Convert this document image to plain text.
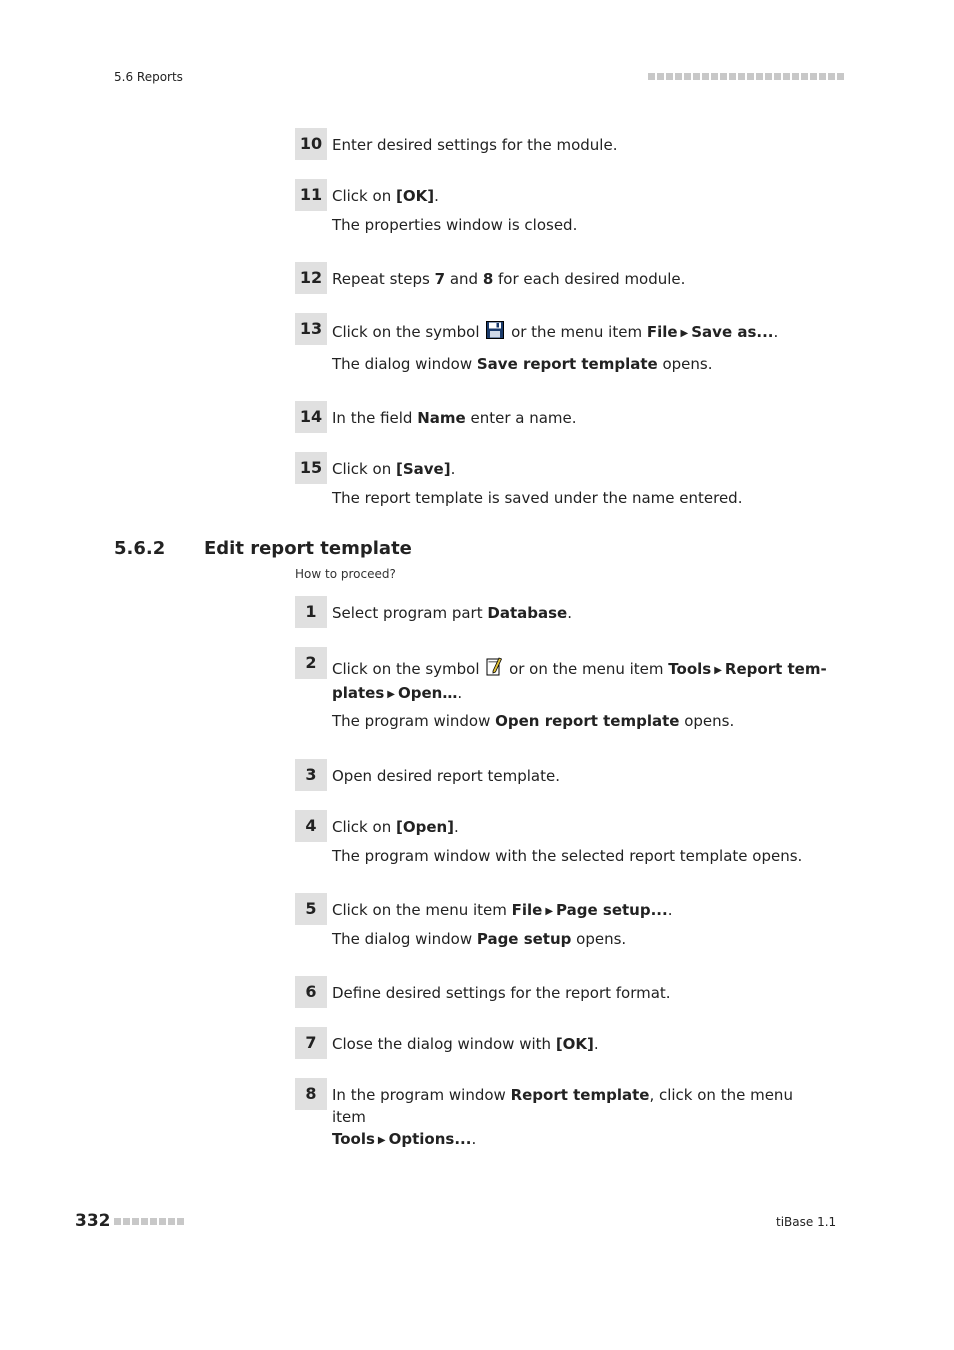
5.6 Reports
10 Enter desired settings for the module.
11 Click on [OK].
The properties window is closed.
12 Repeat steps 7 and 8 for each desired module.
13 Click on the symbol  or the menu item File ▶ Save as....
The dialog window Save report template opens.
14 In the field Name enter a name.
15 Click on [Save].
The report template is saved under the name entered.
5.6.2 Edit report template
How to proceed?
1	Select program part Database.
2	Click on the symbol  or on the menu item Tools ▶ Report tem-
plates ▶ Open….
The program window Open report template opens.
3	Open desired report template.
4	Click on [Open].
The program window with the selected report template opens.
5	Click on the menu item File ▶ Page setup....
The dialog window Page setup opens.
6	Define desired settings for the report format.
7	Close the dialog window with [OK].
8	In the program window Report template, click on the menu item
Tools ▶ Options....
332	tiBase 1.1
